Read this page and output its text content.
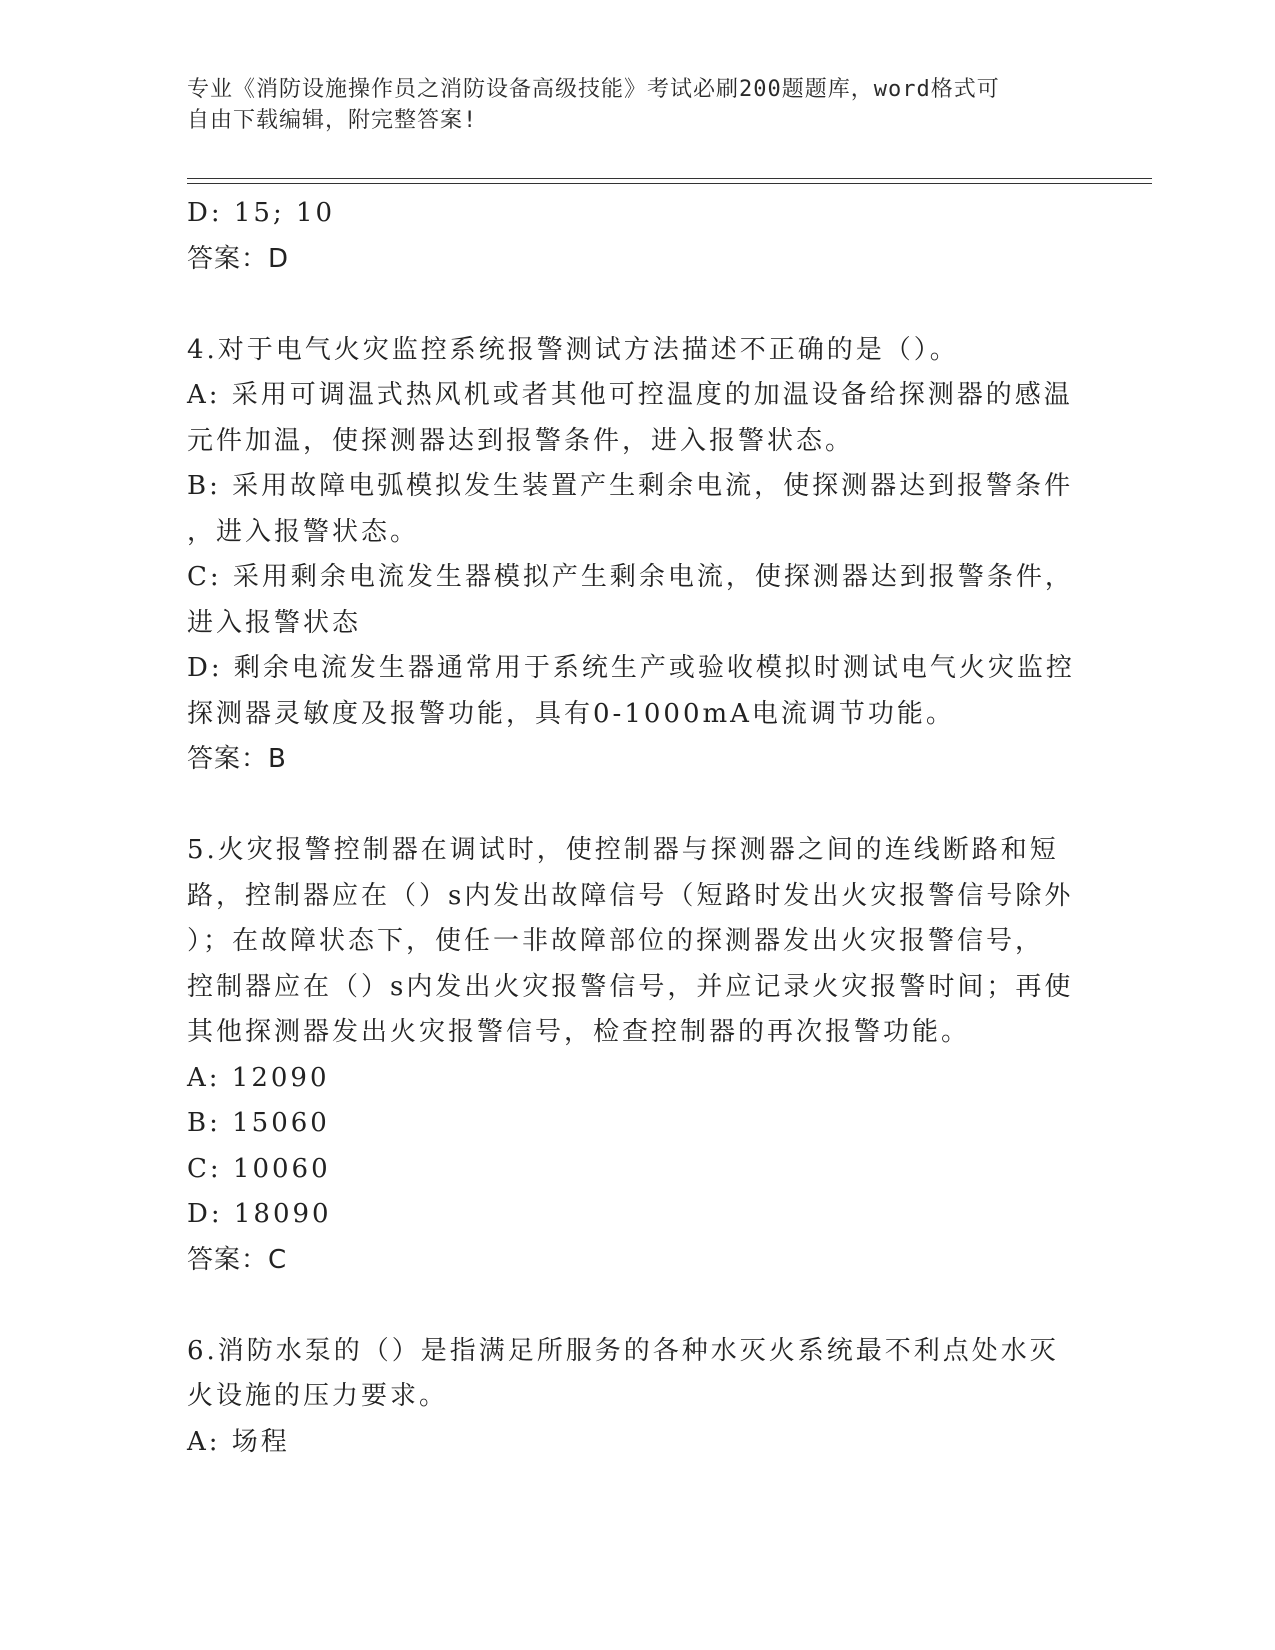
专业《消防设施操作员之消防设备高级技能》考试必刷200题题库，word格式可
自由下载编辑，附完整答案!
D: 15; 10
答案：D
4.对于电气火灾监控系统报警测试方法描述不正确的是（）。
A: 采用可调温式热风机或者其他可控温度的加温设备给探测器的感温
元件加温，使探测器达到报警条件，进入报警状态。
B: 采用故障电弧模拟发生装置产生剩余电流，使探测器达到报警条件
，进入报警状态。
C: 采用剩余电流发生器模拟产生剩余电流，使探测器达到报警条件，
进入报警状态
D: 剩余电流发生器通常用于系统生产或验收模拟时测试电气火灾监控
探测器灵敏度及报警功能，具有0-1000mA电流调节功能。
答案：B
5.火灾报警控制器在调试时，使控制器与探测器之间的连线断路和短
路，控制器应在（）s内发出故障信号（短路时发出火灾报警信号除外
）；在故障状态下，使任一非故障部位的探测器发出火灾报警信号，
控制器应在（）s内发出火灾报警信号，并应记录火灾报警时间；再使
其他探测器发出火灾报警信号，检查控制器的再次报警功能。
A: 12090
B: 15060
C: 10060
D: 18090
答案：C
6.消防水泵的（）是指满足所服务的各种水灭火系统最不利点处水灭
火设施的压力要求。
A: 场程
